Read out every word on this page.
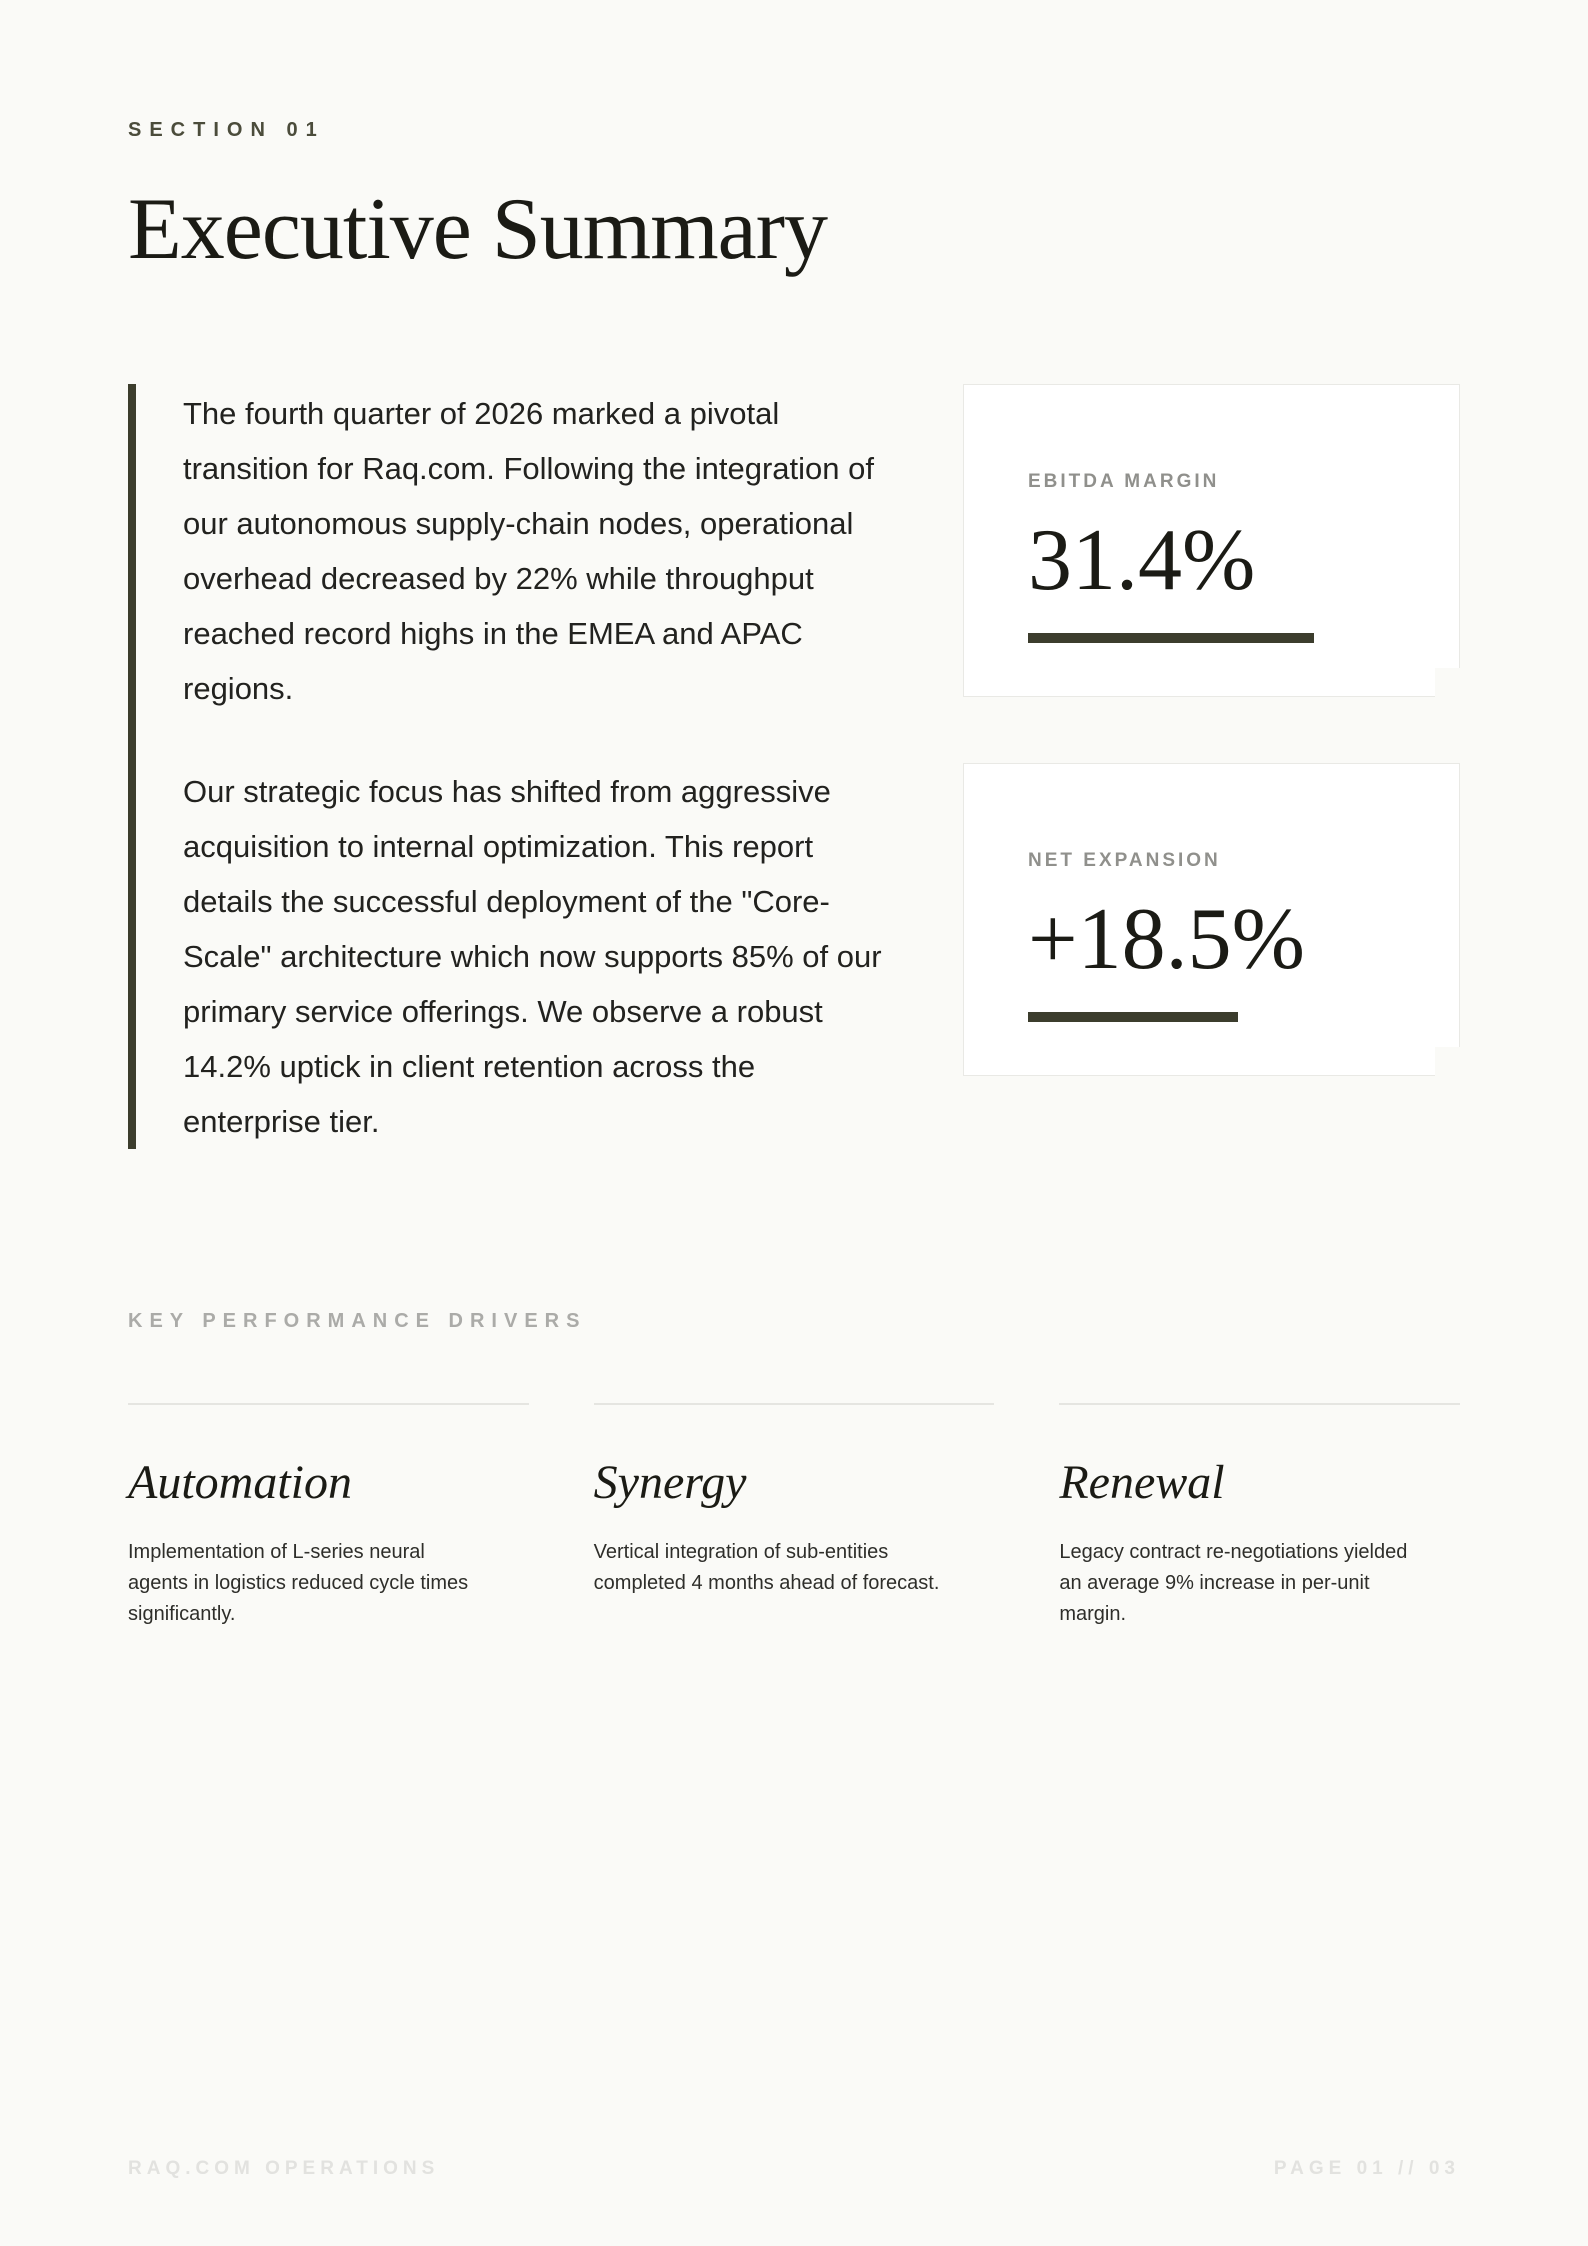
SECTION 01
Executive Summary

The fourth quarter of 2026 marked a pivotal transition for Raq.com. Following the integration of our autonomous supply-chain nodes, operational overhead decreased by 22% while throughput reached record highs in the EMEA and APAC regions.

Our strategic focus has shifted from aggressive acquisition to internal optimization. This report details the successful deployment of the "Core-Scale" architecture which now supports 85% of our primary service offerings. We observe a robust 14.2% uptick in client retention across the enterprise tier.

EBITDA MARGIN
31.4%
NET EXPANSION
+18.5%
KEY PERFORMANCE DRIVERS
Automation

Implementation of L-series neural agents in logistics reduced cycle times significantly.

Synergy

Vertical integration of sub-entities completed 4 months ahead of forecast.

Renewal

Legacy contract re-negotiations yielded an average 9% increase in per-unit margin.

RAQ.COM OPERATIONS	PAGE 01 // 03
